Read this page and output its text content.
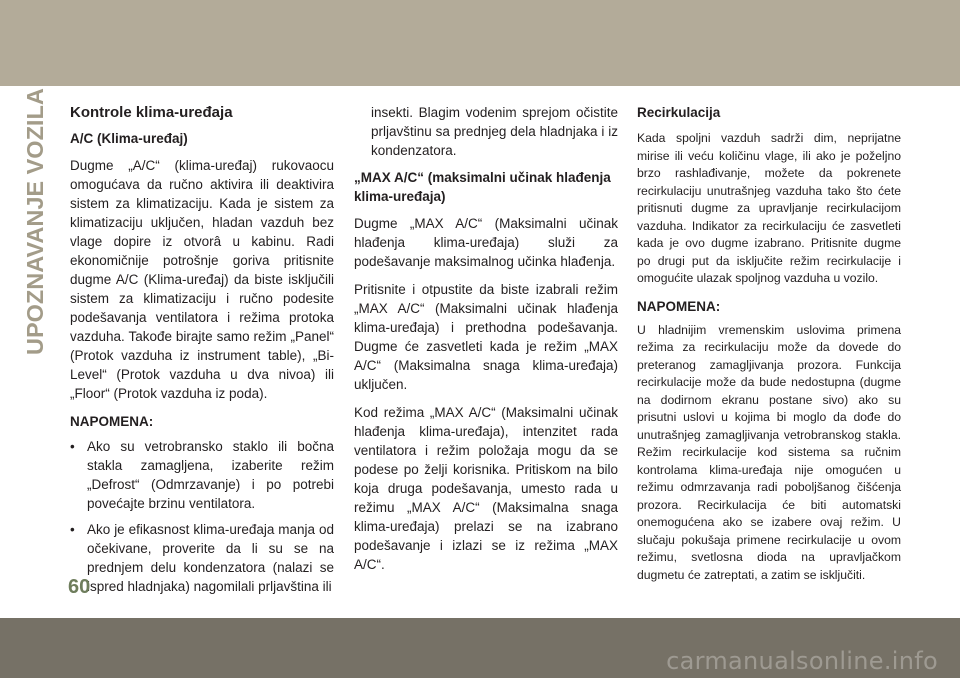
UPOZNAVANJE VOZILA Kontrole klima-uređaja
A/C (Klima-uređaj)
Dugme „A/C“ (klima-uređaj) rukovaocu omogućava da ručno aktivira ili deaktivira sistem za klimatizaciju. Kada je sistem za klimatizaciju uključen, hladan vazduh bez vlage dopire iz otvorâ u kabinu. Radi ekonomičnije potrošnje goriva pritisnite dugme A/C (Klima-uređaj) da biste isključili sistem za klimatizaciju i ručno podesite podešavanja ventilatora i režima protoka vazduha. Takođe birajte samo režim „Panel“ (Protok vazduha iz instrument table), „Bi-Level“ (Protok vazduha u dva nivoa) ili „Floor“ (Protok vazduha iz poda).
NAPOMENA:
• Ako su vetrobransko staklo ili bočna stakla zamagljena, izaberite režim „Defrost“ (Odmrzavanje) i po potrebi povećajte brzinu ventilatora.
• Ako je efikasnost klima-uređaja manja od očekivane, proverite da li su se na prednjem delu kondenzatora (nalazi se ispred hladnjaka) nagomilali prljavština ili
insekti. Blagim vodenim sprejom očistite prljavštinu sa prednjeg dela hladnjaka i iz kondenzatora.
„MAX A/C“ (maksimalni učinak hlađenja klima-uređaja)
Dugme „MAX A/C“ (Maksimalni učinak hlađenja klima-uređaja) služi za podešavanje maksimalnog učinka hlađenja.
Pritisnite i otpustite da biste izabrali režim „MAX A/C“ (Maksimalni učinak hlađenja klima-uređaja) i prethodna podešavanja. Dugme će zasvetleti kada je režim „MAX A/C“ (Maksimalna snaga klima-uređaja) uključen.
Kod režima „MAX A/C“ (Maksimalni učinak hlađenja klima-uređaja), intenzitet rada ventilatora i režim položaja mogu da se podese po želji korisnika. Pritiskom na bilo koja druga podešavanja, umesto rada u režimu „MAX A/C“ (Maksimalna snaga klima-uređaja) prelazi se na izabrano podešavanje i izlazi se iz režima „MAX A/C“.
Recirkulacija
Kada spoljni vazduh sadrži dim, neprijatne mirise ili veću količinu vlage, ili ako je poželjno brzo rashlađivanje, možete da pokrenete recirkulaciju unutrašnjeg vazduha tako što ćete pritisnuti dugme za upravljanje recirkulacijom vazduha. Indikator za recirkulaciju će zasvetleti kada je ovo dugme izabrano. Pritisnite dugme po drugi put da isključite režim recirkulacije i omogućite ulazak spoljnog vazduha u vozilo.
NAPOMENA:
U hladnijim vremenskim uslovima primena režima za recirkulaciju može da dovede do preteranog zamagljivanja prozora. Funkcija recirkulacije može da bude nedostupna (dugme na dodirnom ekranu postane sivo) ako su prisutni uslovi u kojima bi moglo da dođe do unutrašnjeg zamagljivanja vetrobranskog stakla. Režim recirkulacije kod sistema sa ručnim kontrolama klima-uređaja nije omogućen u režimu odmrzavanja radi poboljšanog čišćenja prozora. Recirkulacija će biti automatski onemogućena ako se izabere ovaj režim. U slučaju pokušaja primene recirkulacije u ovom režimu, svetlosna dioda na upravljačkom dugmetu će zatreptati, a zatim se isključiti.
60
carmanualsonline.info
